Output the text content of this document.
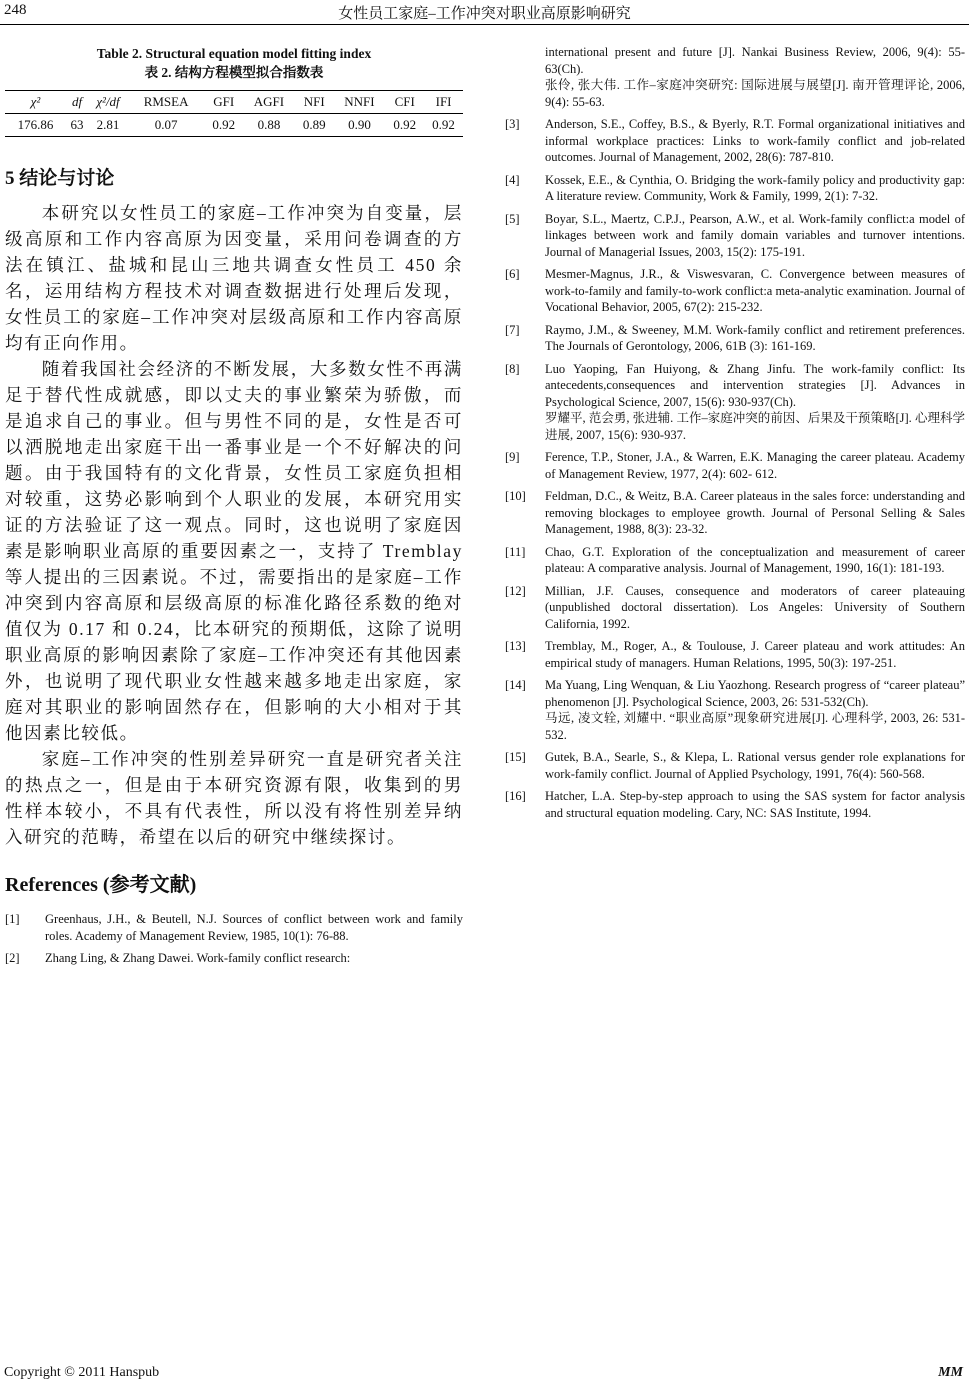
248	女性员工家庭–工作冲突对职业高原影响研究
Table 2. Structural equation model fitting index
表 2. 结构方程模型拟合指数表
χ²	df	χ²/df	RMSEA	GFI	AGFI	NFI	NNFI	CFI	IFI
176.86	63	2.81	0.07	0.92	0.88	0.89	0.90	0.92	0.92
5 结论与讨论

本研究以女性员工的家庭–工作冲突为自变量，层级高原和工作内容高原为因变量，采用问卷调查的方法在镇江、盐城和昆山三地共调查女性员工 450 余名，运用结构方程技术对调查数据进行处理后发现，女性员工的家庭–工作冲突对层级高原和工作内容高原均有正向作用。

随着我国社会经济的不断发展，大多数女性不再满足于替代性成就感，即以丈夫的事业繁荣为骄傲，而是追求自己的事业。但与男性不同的是，女性是否可以洒脱地走出家庭干出一番事业是一个不好解决的问题。由于我国特有的文化背景，女性员工家庭负担相对较重，这势必影响到个人职业的发展，本研究用实证的方法验证了这一观点。同时，这也说明了家庭因素是影响职业高原的重要因素之一，支持了 Tremblay 等人提出的三因素说。不过，需要指出的是家庭–工作冲突到内容高原和层级高原的标准化路径系数的绝对值仅为 0.17 和 0.24，比本研究的预期低，这除了说明职业高原的影响因素除了家庭–工作冲突还有其他因素外，也说明了现代职业女性越来越多地走出家庭，家庭对其职业的影响固然存在，但影响的大小相对于其他因素比较低。

家庭–工作冲突的性别差异研究一直是研究者关注的热点之一，但是由于本研究资源有限，收集到的男性样本较小，不具有代表性，所以没有将性别差异纳入研究的范畴，希望在以后的研究中继续探讨。

References (参考文献)
[1]	Greenhaus, J.H., & Beutell, N.J. Sources of conflict between work and family roles. Academy of Management Review, 1985, 10(1): 76-88.
[2]	Zhang Ling, & Zhang Dawei. Work-family conflict research:
international present and future [J]. Nankai Business Review, 2006, 9(4): 55-63(Ch).
张伶, 张大伟. 工作–家庭冲突研究: 国际进展与展望[J]. 南开管理评论, 2006, 9(4): 55-63.
[3]	Anderson, S.E., Coffey, B.S., & Byerly, R.T. Formal organizational initiatives and informal workplace practices: Links to work-family conflict and job-related outcomes. Journal of Management, 2002, 28(6): 787-810.
[4]	Kossek, E.E., & Cynthia, O. Bridging the work-family policy and productivity gap: A literature review. Community, Work & Family, 1999, 2(1): 7-32.
[5]	Boyar, S.L., Maertz, C.P.J., Pearson, A.W., et al. Work-family conflict:a model of linkages between work and family domain variables and turnover intentions. Journal of Managerial Issues, 2003, 15(2): 175-191.
[6]	Mesmer-Magnus, J.R., & Viswesvaran, C. Convergence between measures of work-to-family and family-to-work conflict:a meta-analytic examination. Journal of Vocational Behavior, 2005, 67(2): 215-232.
[7]	Raymo, J.M., & Sweeney, M.M. Work-family conflict and retirement preferences. The Journals of Gerontology, 2006, 61B (3): 161-169.
[8]	Luo Yaoping, Fan Huiyong, & Zhang Jinfu. The work-family conflict: Its antecedents,consequences and intervention strategies [J]. Advances in Psychological Science, 2007, 15(6): 930-937(Ch).
罗耀平, 范会勇, 张进辅. 工作–家庭冲突的前因、后果及干预策略[J]. 心理科学进展, 2007, 15(6): 930-937.
[9]	Ference, T.P., Stoner, J.A., & Warren, E.K. Managing the career plateau. Academy of Management Review, 1977, 2(4): 602- 612.
[10]	Feldman, D.C., & Weitz, B.A. Career plateaus in the sales force: understanding and removing blockages to employee growth. Journal of Personal Selling & Sales Management, 1988, 8(3): 23-32.
[11]	Chao, G.T. Exploration of the conceptualization and measurement of career plateau: A comparative analysis. Journal of Management, 1990, 16(1): 181-193.
[12]	Millian, J.F. Causes, consequence and moderators of career plateauing (unpublished doctoral dissertation). Los Angeles: University of Southern California, 1992.
[13]	Tremblay, M., Roger, A., & Toulouse, J. Career plateau and work attitudes: An empirical study of managers. Human Relations, 1995, 50(3): 197-251.
[14]	Ma Yuang, Ling Wenquan, & Liu Yaozhong. Research progress of “career plateau” phenomenon [J]. Psychological Science, 2003, 26: 531-532(Ch).
马远, 凌文辁, 刘耀中. “职业高原”现象研究进展[J]. 心理科学, 2003, 26: 531-532.
[15]	Gutek, B.A., Searle, S., & Klepa, L. Rational versus gender role explanations for work-family conflict. Journal of Applied Psychology, 1991, 76(4): 560-568.
[16]	Hatcher, L.A. Step-by-step approach to using the SAS system for factor analysis and structural equation modeling. Cary, NC: SAS Institute, 1994.
Copyright © 2011 Hanspub	MM
